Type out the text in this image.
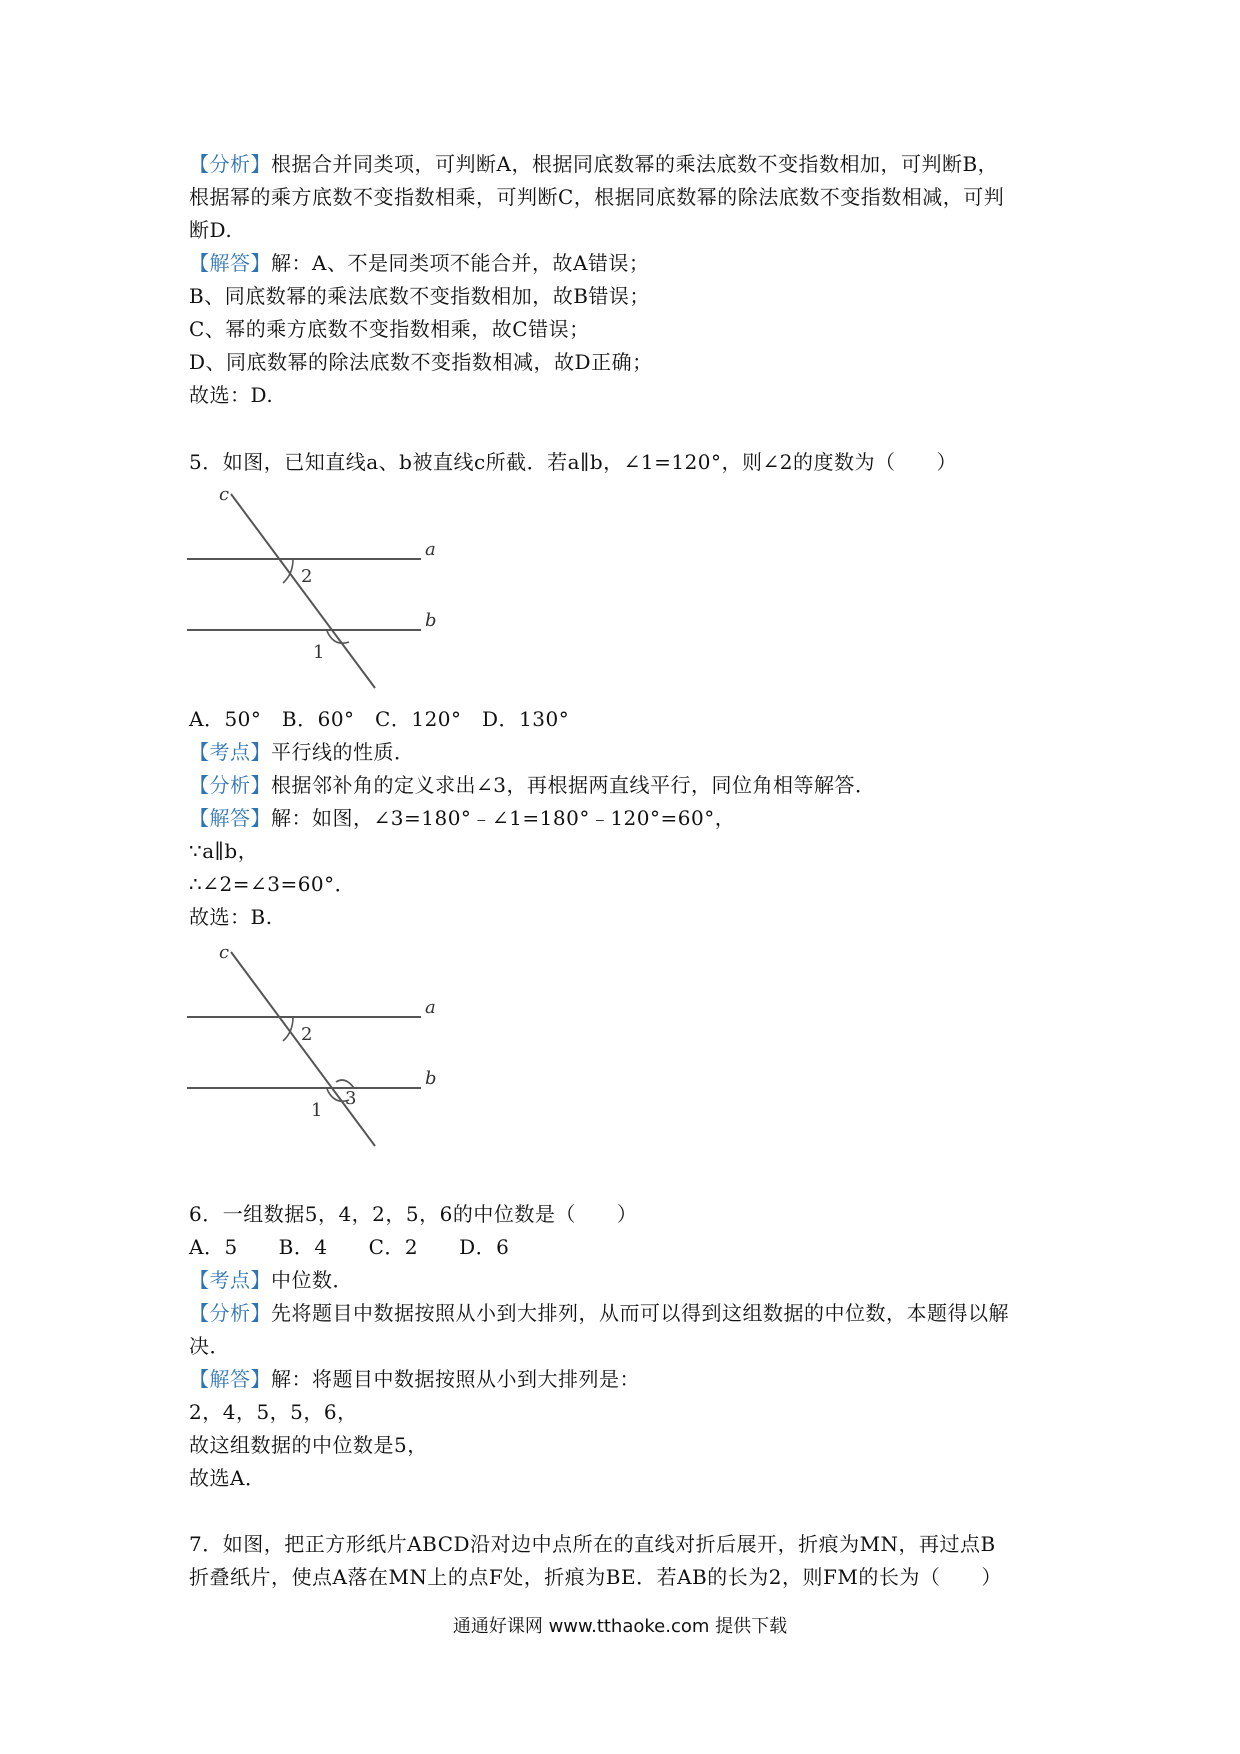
【分析】根据合并同类项，可判断A，根据同底数幂的乘法底数不变指数相加，可判断B，
根据幂的乘方底数不变指数相乘，可判断C，根据同底数幂的除法底数不变指数相减，可判
断D.
【解答】解：A、不是同类项不能合并，故A错误；
B、同底数幂的乘法底数不变指数相加，故B错误；
C、幂的乘方底数不变指数相乘，故C错误；
D、同底数幂的除法底数不变指数相减，故D正确；
故选：D.
5．如图，已知直线a、b被直线c所截．若a∥b，∠1=120°，则∠2的度数为（　　）
c
a
b
2
1
A．50°　B．60°　C．120°　D．130°
【考点】平行线的性质．
【分析】根据邻补角的定义求出∠3，再根据两直线平行，同位角相等解答．
【解答】解：如图，∠3=180°﹣∠1=180°﹣120°=60°，
∵a∥b，
∴∠2=∠3=60°．
故选：B.
c
a
b
2
1
3
6．一组数据5，4，2，5，6的中位数是（　　）
A．5　　B．4　　C．2　　D．6
【考点】中位数．
【分析】先将题目中数据按照从小到大排列，从而可以得到这组数据的中位数，本题得以解
决．
【解答】解：将题目中数据按照从小到大排列是：
2，4，5，5，6，
故这组数据的中位数是5，
故选A．
7．如图，把正方形纸片ABCD沿对边中点所在的直线对折后展开，折痕为MN，再过点B
折叠纸片，使点A落在MN上的点F处，折痕为BE．若AB的长为2，则FM的长为（　　）
通通好课网 www.tthaoke.com 提供下载
